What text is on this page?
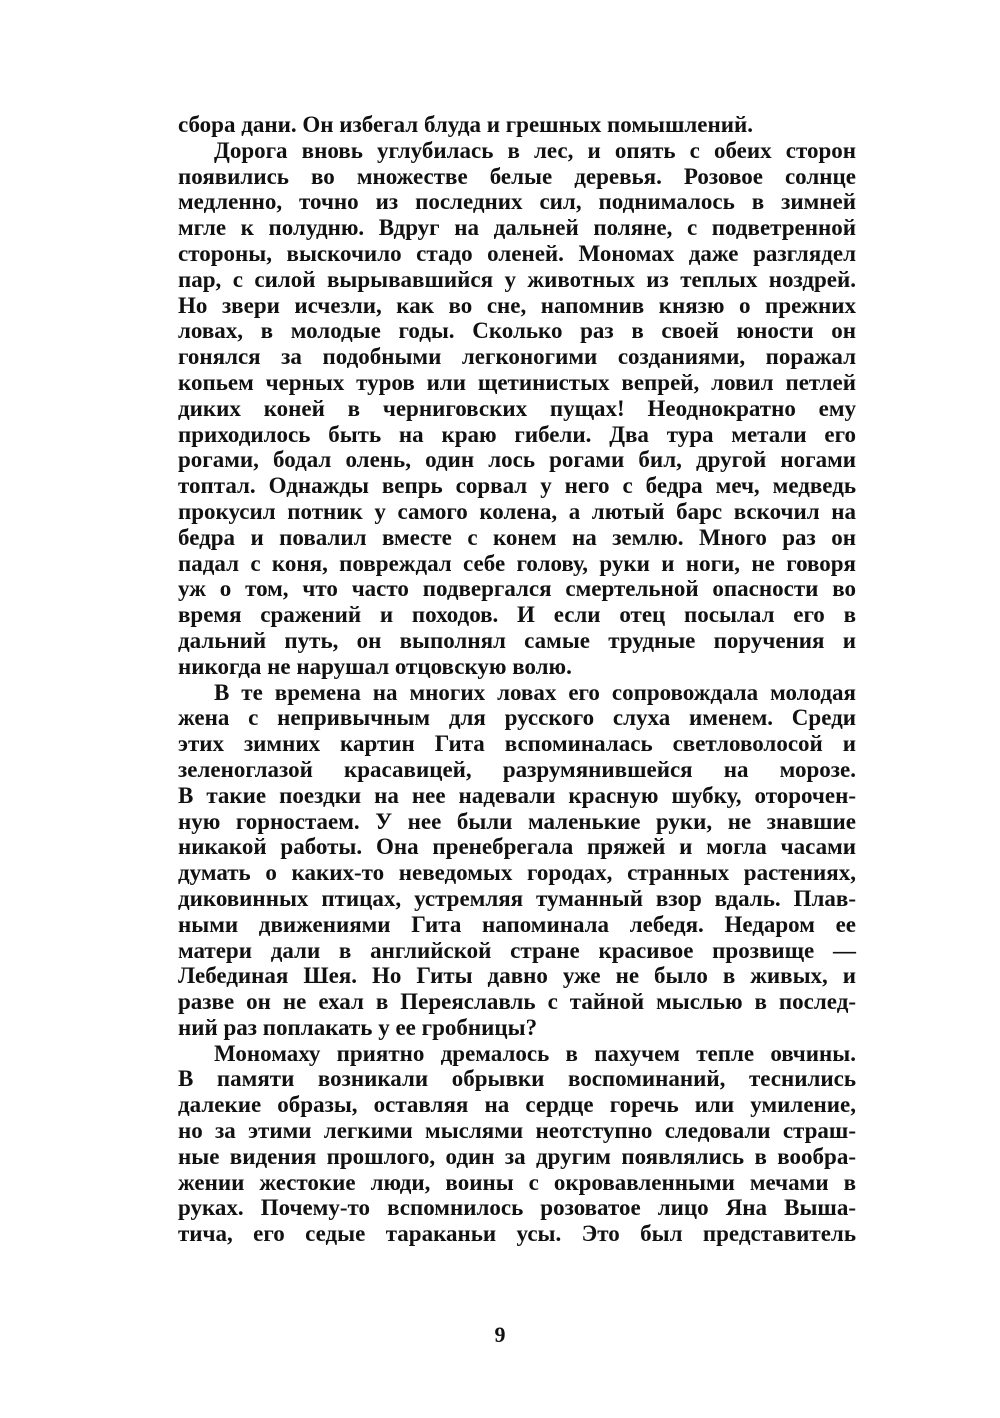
сбора дани. Он избегал блуда и грешных помышлений.
Дорога вновь углубилась в лес, и опять с обеих сторон
появились во множестве белые деревья. Розовое солнце
медленно, точно из последних сил, поднималось в зимней
мгле к полудню. Вдруг на дальней поляне, с подветренной
стороны, выскочило стадо оленей. Мономах даже разглядел
пар, с силой вырывавшийся у животных из теплых ноздрей.
Но звери исчезли, как во сне, напомнив князю о прежних
ловах, в молодые годы. Сколько раз в своей юности он
гонялся за подобными легконогими созданиями, поражал
копьем черных туров или щетинистых вепрей, ловил петлей
диких коней в черниговских пущах! Неоднократно ему
приходилось быть на краю гибели. Два тура метали его
рогами, бодал олень, один лось рогами бил, другой ногами
топтал. Однажды вепрь сорвал у него с бедра меч, медведь
прокусил потник у самого колена, а лютый барс вскочил на
бедра и повалил вместе с конем на землю. Много раз он
падал с коня, повреждал себе голову, руки и ноги, не говоря
уж о том, что часто подвергался смертельной опасности во
время сражений и походов. И если отец посылал его в
дальний путь, он выполнял самые трудные поручения и
никогда не нарушал отцовскую волю.
В те времена на многих ловах его сопровождала молодая
жена с непривычным для русского слуха именем. Среди
этих зимних картин Гита вспоминалась светловолосой и
зеленоглазой красавицей, разрумянившейся на морозе.
В такие поездки на нее надевали красную шубку, оторочен-
ную горностаем. У нее были маленькие руки, не знавшие
никакой работы. Она пренебрегала пряжей и могла часами
думать о каких-то неведомых городах, странных растениях,
диковинных птицах, устремляя туманный взор вдаль. Плав-
ными движениями Гита напоминала лебедя. Недаром ее
матери дали в английской стране красивое прозвище —
Лебединая Шея. Но Гиты давно уже не было в живых, и
разве он не ехал в Переяславль с тайной мыслью в послед-
ний раз поплакать у ее гробницы?
Мономаху приятно дремалось в пахучем тепле овчины.
В памяти возникали обрывки воспоминаний, теснились
далекие образы, оставляя на сердце горечь или умиление,
но за этими легкими мыслями неотступно следовали страш-
ные видения прошлого, один за другим появлялись в вообра-
жении жестокие люди, воины с окровавленными мечами в
руках. Почему-то вспомнилось розоватое лицо Яна Выша-
тича, его седые тараканьи усы. Это был представитель
9
